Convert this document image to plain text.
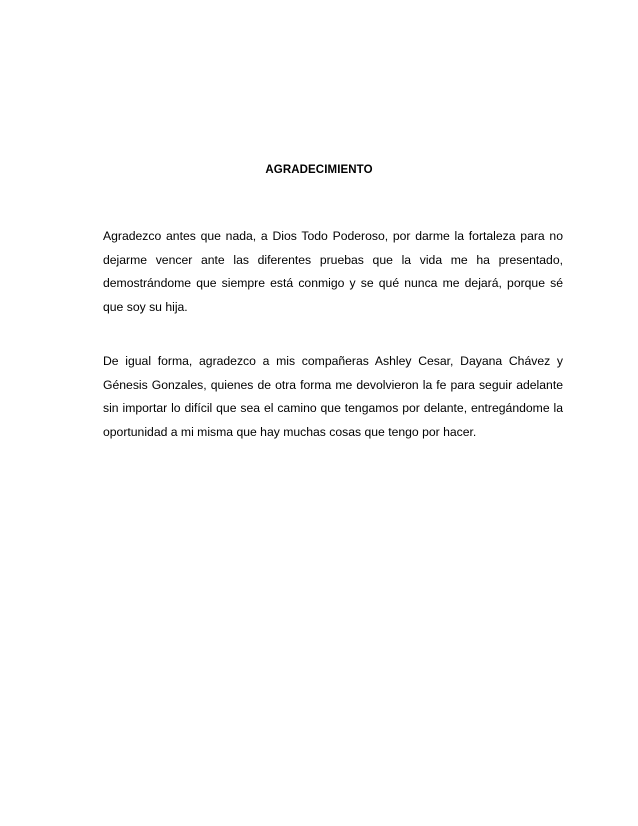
AGRADECIMIENTO

Agradezco antes que nada, a Dios Todo Poderoso, por darme la fortaleza para no dejarme vencer ante las diferentes pruebas que la vida me ha presentado, demostrándome que siempre está conmigo y se qué nunca me dejará, porque sé que soy su hija.

De igual forma, agradezco a mis compañeras Ashley Cesar, Dayana Chávez y Génesis Gonzales, quienes de otra forma me devolvieron la fe para seguir adelante sin importar lo difícil que sea el camino que tengamos por delante, entregándome la oportunidad a mi misma que hay muchas cosas que tengo por hacer.
